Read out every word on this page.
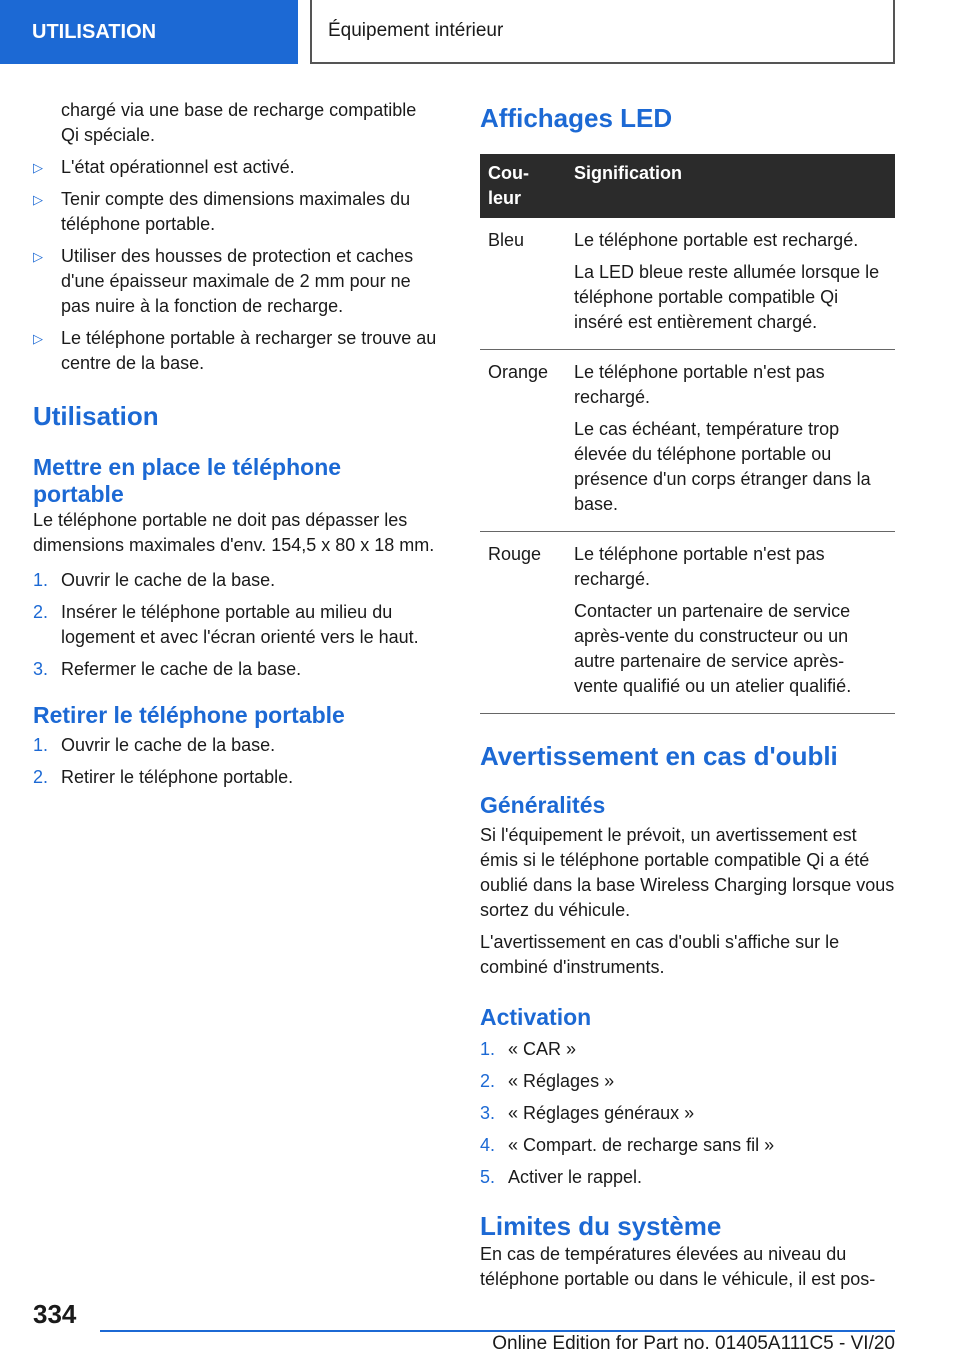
UTILISATION	Équipement intérieur

chargé via une base de recharge compatible Qi spéciale.

▷ L'état opérationnel est activé.
▷ Tenir compte des dimensions maximales du téléphone portable.
▷ Utiliser des housses de protection et caches d'une épaisseur maximale de 2 mm pour ne pas nuire à la fonction de recharge.
▷ Le téléphone portable à recharger se trouve au centre de la base.
Utilisation
Mettre en place le téléphone portable

Le téléphone portable ne doit pas dépasser les dimensions maximales d'env. 154,5 x 80 x 18 mm.

1. Ouvrir le cache de la base.
2. Insérer le téléphone portable au milieu du logement et avec l'écran orienté vers le haut.
3. Refermer le cache de la base.
Retirer le téléphone portable
1. Ouvrir le cache de la base.
2. Retirer le téléphone portable.
Affichages LED
Cou-leur	Signification
Bleu	Le téléphone portable est rechargé.

La LED bleue reste allumée lorsque le téléphone portable compatible Qi inséré est entièrement chargé.

Orange	Le téléphone portable n'est pas rechargé.

Le cas échéant, température trop élevée du téléphone portable ou présence d'un corps étranger dans la base.

Rouge	Le téléphone portable n'est pas rechargé.

Contacter un partenaire de service après-vente du constructeur ou un autre partenaire de service après-vente qualifié ou un atelier qualifié.

Avertissement en cas d'oubli
Généralités

Si l'équipement le prévoit, un avertissement est émis si le téléphone portable compatible Qi a été oublié dans la base Wireless Charging lorsque vous sortez du véhicule.

L'avertissement en cas d'oubli s'affiche sur le combiné d'instruments.

Activation
1. « CAR »
2. « Réglages »
3. « Réglages généraux »
4. « Compart. de recharge sans fil »
5. Activer le rappel.
Limites du système

En cas de températures élevées au niveau du téléphone portable ou dans le véhicule, il est pos-

334
Online Edition for Part no. 01405A111C5 - VI/20
